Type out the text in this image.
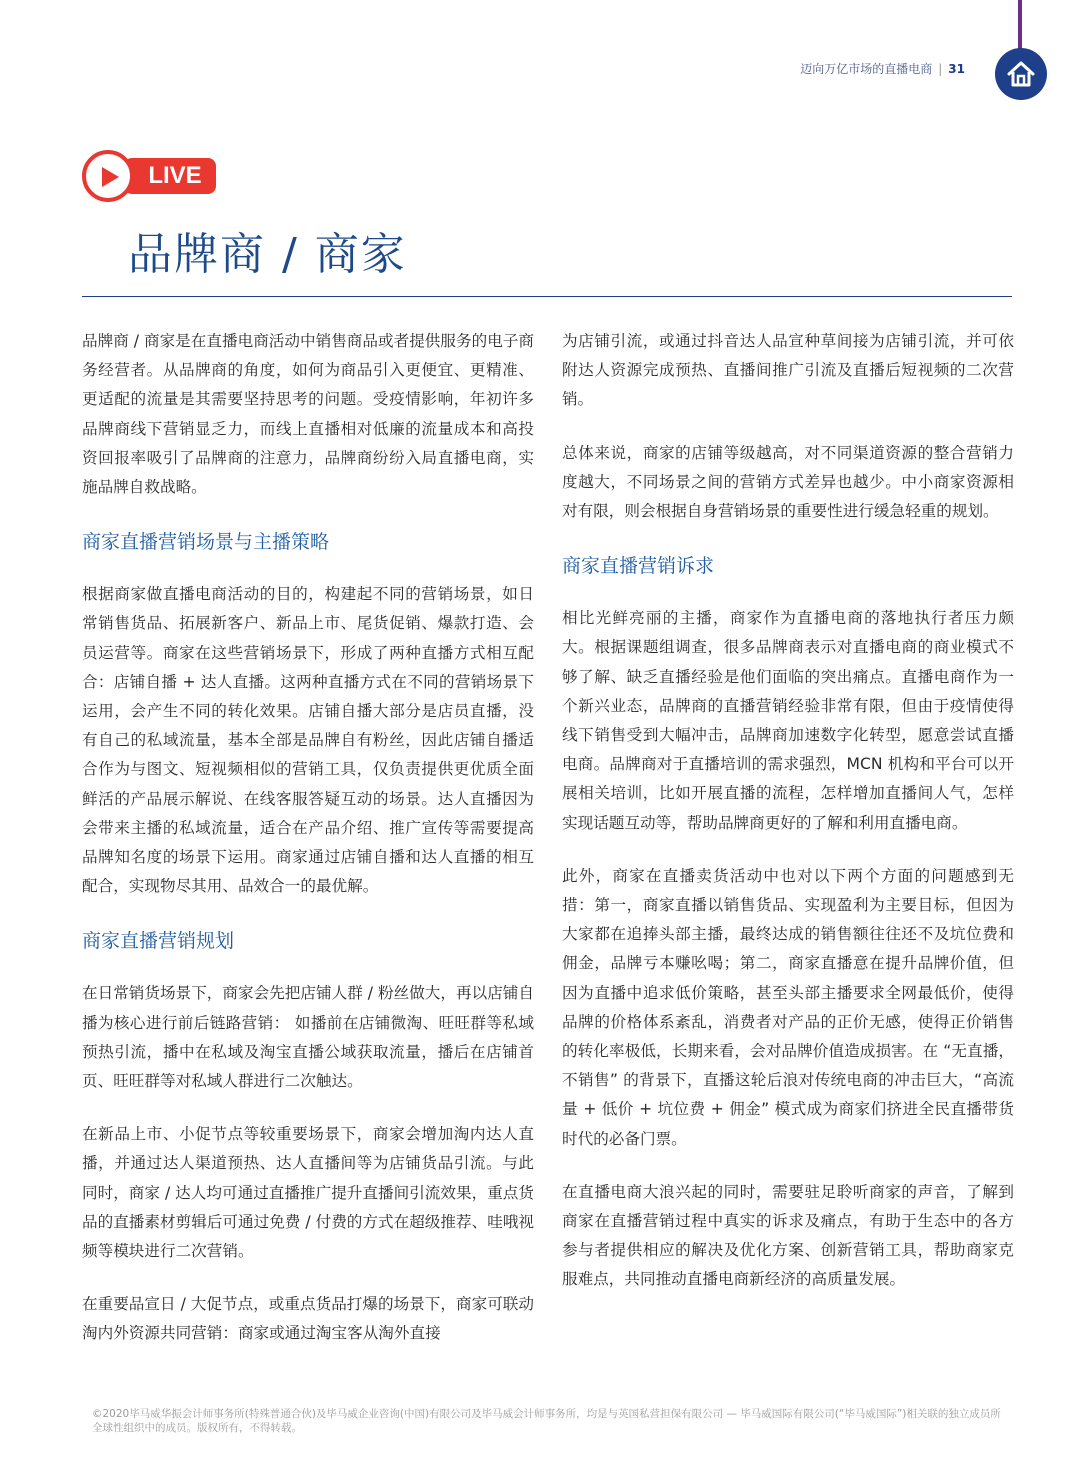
迈向万亿市场的直播电商 | 31
LIVE
品牌商 / 商家

品牌商 / 商家是在直播电商活动中销售商品或者提供服务的电子商务经营者。从品牌商的角度，如何为商品引入更便宜、更精准、更适配的流量是其需要坚持思考的问题。受疫情影响，年初许多品牌商线下营销显乏力，而线上直播相对低廉的流量成本和高投资回报率吸引了品牌商的注意力，品牌商纷纷入局直播电商，实施品牌自救战略。

商家直播营销场景与主播策略

根据商家做直播电商活动的目的，构建起不同的营销场景，如日常销售货品、拓展新客户、新品上市、尾货促销、爆款打造、会员运营等。商家在这些营销场景下，形成了两种直播方式相互配合：店铺自播 + 达人直播。这两种直播方式在不同的营销场景下运用，会产生不同的转化效果。店铺自播大部分是店员直播，没有自己的私域流量，基本全部是品牌自有粉丝，因此店铺自播适合作为与图文、短视频相似的营销工具，仅负责提供更优质全面鲜活的产品展示解说、在线客服答疑互动的场景。达人直播因为会带来主播的私域流量，适合在产品介绍、推广宣传等需要提高品牌知名度的场景下运用。商家通过店铺自播和达人直播的相互配合，实现物尽其用、品效合一的最优解。

商家直播营销规划

在日常销货场景下，商家会先把店铺人群 / 粉丝做大，再以店铺自播为核心进行前后链路营销： 如播前在店铺微淘、旺旺群等私域预热引流，播中在私域及淘宝直播公域获取流量，播后在店铺首页、旺旺群等对私域人群进行二次触达。

在新品上市、小促节点等较重要场景下，商家会增加淘内达人直播，并通过达人渠道预热、达人直播间等为店铺货品引流。与此同时，商家 / 达人均可通过直播推广提升直播间引流效果，重点货品的直播素材剪辑后可通过免费 / 付费的方式在超级推荐、哇哦视频等模块进行二次营销。

在重要品宣日 / 大促节点，或重点货品打爆的场景下，商家可联动淘内外资源共同营销：商家或通过淘宝客从淘外直接

为店铺引流，或通过抖音达人品宣种草间接为店铺引流，并可依附达人资源完成预热、直播间推广引流及直播后短视频的二次营销。

总体来说，商家的店铺等级越高，对不同渠道资源的整合营销力度越大，不同场景之间的营销方式差异也越少。中小商家资源相对有限，则会根据自身营销场景的重要性进行缓急轻重的规划。

商家直播营销诉求

相比光鲜亮丽的主播，商家作为直播电商的落地执行者压力颇大。根据课题组调查，很多品牌商表示对直播电商的商业模式不够了解、缺乏直播经验是他们面临的突出痛点。直播电商作为一个新兴业态，品牌商的直播营销经验非常有限，但由于疫情使得线下销售受到大幅冲击，品牌商加速数字化转型，愿意尝试直播电商。品牌商对于直播培训的需求强烈，MCN 机构和平台可以开展相关培训，比如开展直播的流程，怎样增加直播间人气，怎样实现话题互动等，帮助品牌商更好的了解和利用直播电商。

此外，商家在直播卖货活动中也对以下两个方面的问题感到无措：第一，商家直播以销售货品、实现盈利为主要目标，但因为大家都在追捧头部主播，最终达成的销售额往往还不及坑位费和佣金，品牌亏本赚吆喝；第二，商家直播意在提升品牌价值，但因为直播中追求低价策略，甚至头部主播要求全网最低价，使得品牌的价格体系紊乱，消费者对产品的正价无感，使得正价销售的转化率极低，长期来看，会对品牌价值造成损害。在 “无直播，不销售” 的背景下，直播这轮后浪对传统电商的冲击巨大，“高流量 + 低价 + 坑位费 + 佣金” 模式成为商家们挤进全民直播带货时代的必备门票。

在直播电商大浪兴起的同时，需要驻足聆听商家的声音，了解到商家在直播营销过程中真实的诉求及痛点，有助于生态中的各方参与者提供相应的解决及优化方案、创新营销工具，帮助商家克服难点，共同推动直播电商新经济的高质量发展。

©2020毕马威华振会计师事务所(特殊普通合伙)及毕马威企业咨询(中国)有限公司及毕马威会计师事务所，均是与英国私营担保有限公司 — 毕马威国际有限公司(“毕马威国际”)相关联的独立成员所全球性组织中的成员。版权所有，不得转载。
